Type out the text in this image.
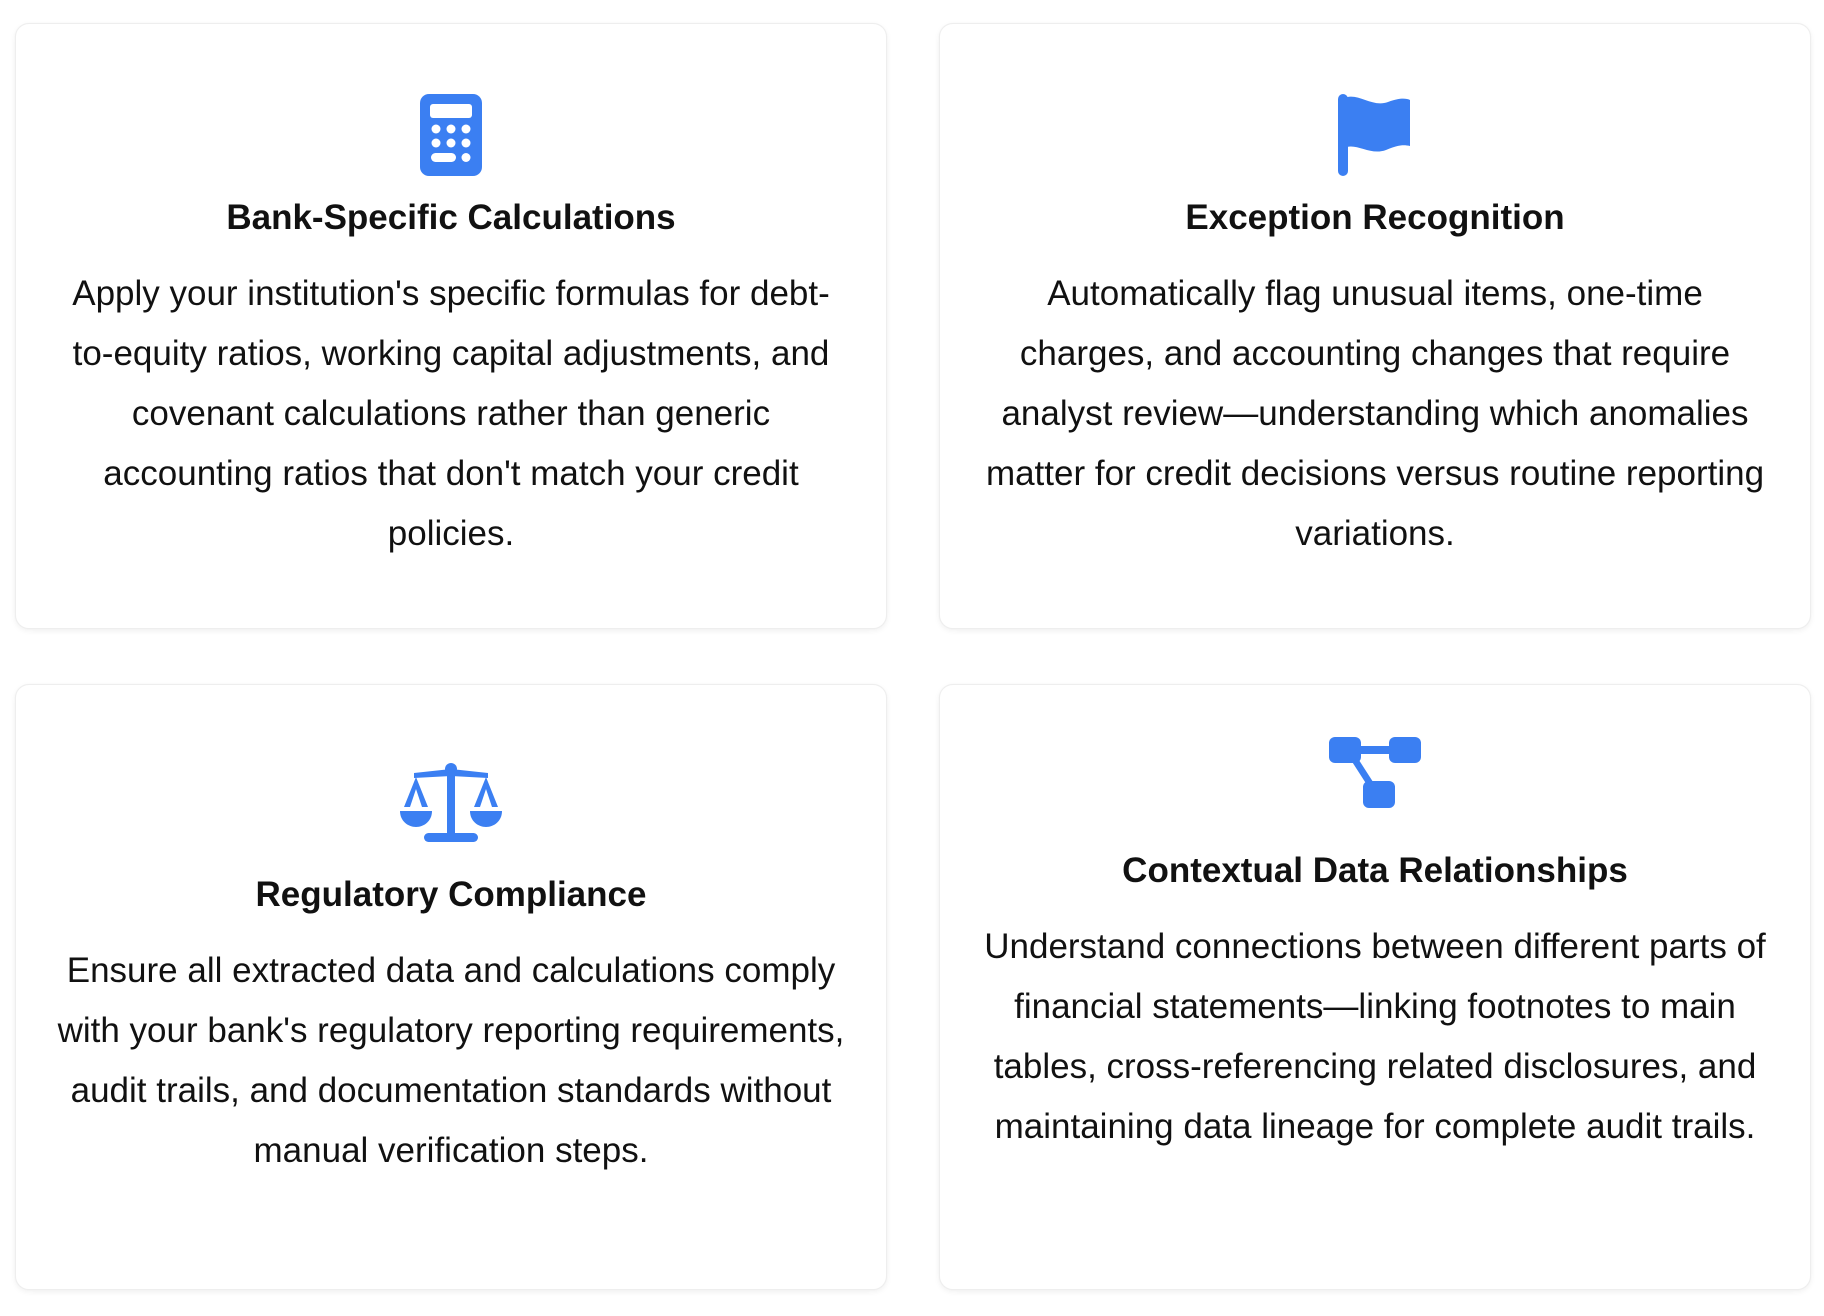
Bank-Specific Calculations
Apply your institution's specific formulas for debt-to-equity ratios, working capital adjustments, and covenant calculations rather than generic accounting ratios that don't match your credit policies.
Exception Recognition
Automatically flag unusual items, one-time charges, and accounting changes that require analyst review—understanding which anomalies matter for credit decisions versus routine reporting variations.
Regulatory Compliance
Ensure all extracted data and calculations comply with your bank's regulatory reporting requirements, audit trails, and documentation standards without manual verification steps.
Contextual Data Relationships
Understand connections between different parts of financial statements—linking footnotes to main tables, cross-referencing related disclosures, and maintaining data lineage for complete audit trails.
